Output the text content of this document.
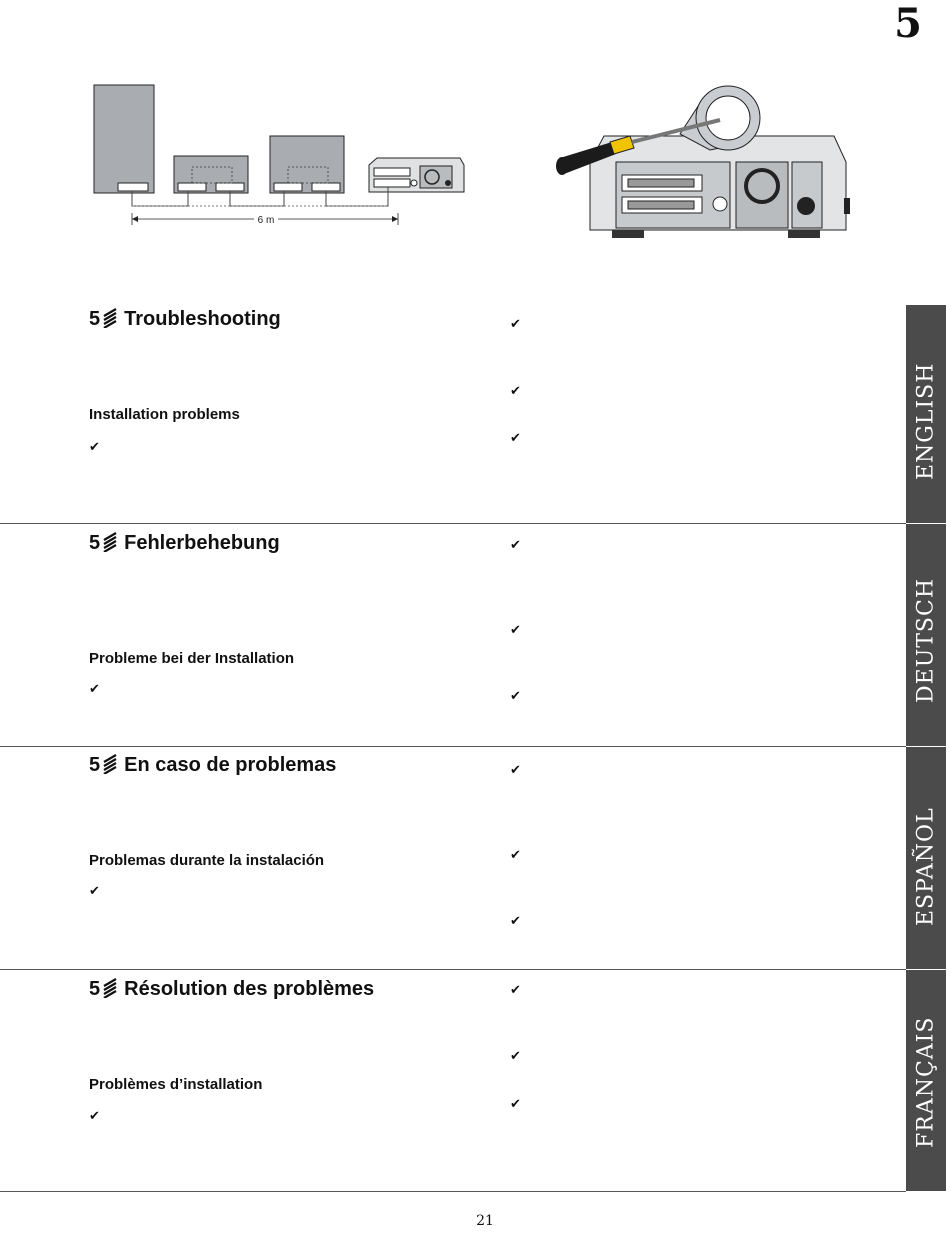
5
6 m
5 Troubleshooting
Installation problems
✔
✔
✔
✔	ENGLISH
5 Fehlerbehebung
Probleme bei der Installation
✔
✔
✔
✔	DEUTSCH
5 En caso de problemas
Problemas durante la instalación
✔
✔
✔
✔	ESPAÑOL
5 Résolution des problèmes
Problèmes d’installation
✔
✔
✔
✔	FRANÇAIS
21
